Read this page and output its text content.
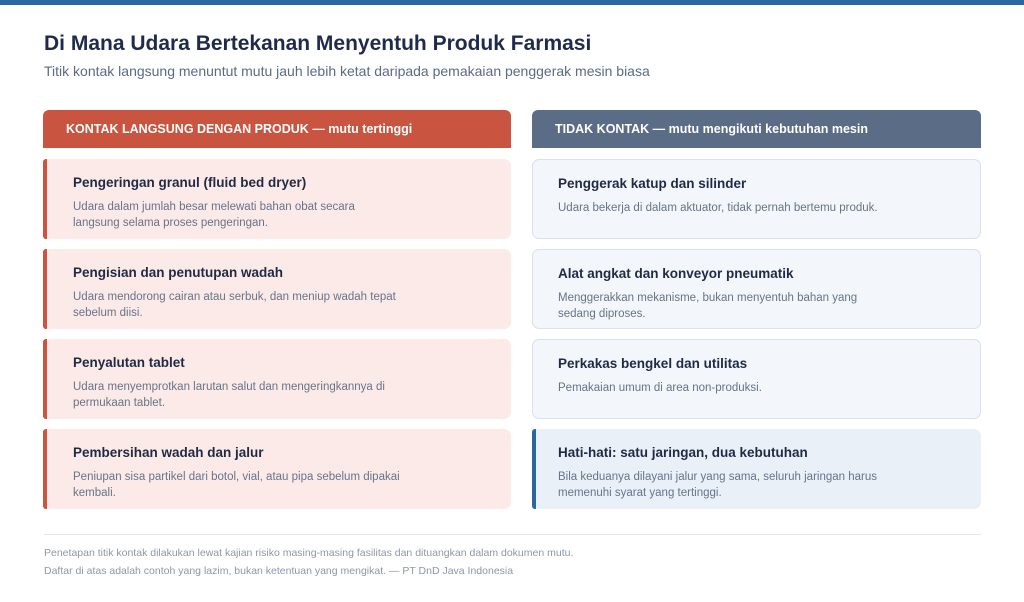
Di Mana Udara Bertekanan Menyentuh Produk Farmasi
Titik kontak langsung menuntut mutu jauh lebih ketat daripada pemakaian penggerak mesin biasa
KONTAK LANGSUNG DENGAN PRODUK — mutu tertinggi
Pengeringan granul (fluid bed dryer)
Udara dalam jumlah besar melewati bahan obat secara langsung selama proses pengeringan.
Pengisian dan penutupan wadah
Udara mendorong cairan atau serbuk, dan meniup wadah tepat sebelum diisi.
Penyalutan tablet
Udara menyemprotkan larutan salut dan mengeringkannya di permukaan tablet.
Pembersihan wadah dan jalur
Peniupan sisa partikel dari botol, vial, atau pipa sebelum dipakai kembali.
TIDAK KONTAK — mutu mengikuti kebutuhan mesin
Penggerak katup dan silinder
Udara bekerja di dalam aktuator, tidak pernah bertemu produk.
Alat angkat dan konveyor pneumatik
Menggerakkan mekanisme, bukan menyentuh bahan yang sedang diproses.
Perkakas bengkel dan utilitas
Pemakaian umum di area non-produksi.
Hati-hati: satu jaringan, dua kebutuhan
Bila keduanya dilayani jalur yang sama, seluruh jaringan harus memenuhi syarat yang tertinggi.
Penetapan titik kontak dilakukan lewat kajian risiko masing-masing fasilitas dan dituangkan dalam dokumen mutu.
Daftar di atas adalah contoh yang lazim, bukan ketentuan yang mengikat. — PT DnD Java Indonesia
